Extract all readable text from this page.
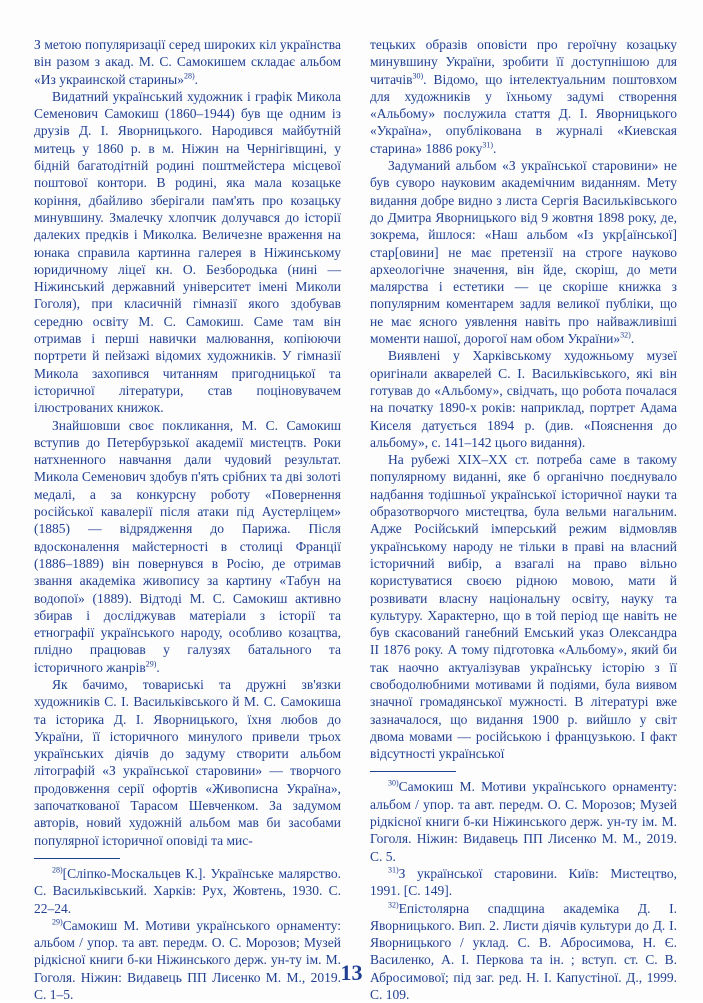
З метою популяризації серед широких кіл українства він разом з акад. М. С. Самокишем складає альбом «Из украинской старины»$^{28)}$.

Видатний український художник і графік Микола Семенович Самокиш (1860–1944) був ще одним із друзів Д. І. Яворницького. Народився майбутній митець у 1860 р. в м. Ніжин на Чернігівщині, у бідній багатодітній родині поштмейстера місцевої поштової контори. В родині, яка мала козацьке коріння, дбайливо зберігали пам'ять про козацьку минувшину. Змалечку хлопчик долучався до історії далеких предків і Миколка. Величезне враження на юнака справила картинна галерея в Ніжинському юридичному ліцеї кн. О. Безбородька (нині — Ніжинський державний університет імені Миколи Гоголя), при класичній гімназії якого здобував середню освіту М. С. Самокиш. Саме там він отримав і перші навички малювання, копіюючи портрети й пейзажі відомих художників. У гімназії Микола захопився читанням пригодницької та історичної літератури, став поціновувачем ілюстрованих книжок.

Знайшовши своє покликання, М. С. Самокиш вступив до Петербурзької академії мистецтв. Роки натхненного навчання дали чудовий результат. Микола Семенович здобув п'ять срібних та дві золоті медалі, а за конкурсну роботу «Повернення російської кавалерії після атаки під Аустерліцем» (1885) — відрядження до Парижа. Після вдосконалення майстерності в столиці Франції (1886–1889) він повернувся в Росію, де отримав звання академіка живопису за картину «Табун на водопої» (1889). Відтоді М. С. Самокиш активно збирав і досліджував матеріали з історії та етнографії українського народу, особливо козацтва, плідно працював у галузях батального та історичного жанрів$^{29)}$.

Як бачимо, товариські та дружні зв'язки художників С. І. Васильківського й М. С. Самокиша та історика Д. І. Яворницького, їхня любов до України, її історичного минулого привели трьох українських діячів до задуму створити альбом літографій «З української старовини» — творчого продовження серії офортів «Живописна Україна», започаткованої Тарасом Шевченком. За задумом авторів, новий художній альбом мав би засобами популярної історичної оповіді та мис-

$^{28)}$[Сліпко-Москальцев К.]. Українське малярство. С. Васильківський. Харків: Рух, Жовтень, 1930. С. 22–24.

$^{29)}$Самокиш М. Мотиви українського орнаменту: альбом / упор. та авт. передм. О. С. Морозов; Музей рідкісної книги б-ки Ніжинського держ. ун-ту ім. М. Гоголя. Ніжин: Видавець ПП Лисенко М. М., 2019. С. 1–5.

тецьких образів оповісти про героїчну козацьку минувшину України, зробити її доступнішою для читачів$^{30)}$. Відомо, що інтелектуальним поштовхом для художників у їхньому задумі створення «Альбому» послужила стаття Д. І. Яворницького «Україна», опублікована в журналі «Киевская старина» 1886 року$^{31)}$.

Задуманий альбом «З української старовини» не був суворо науковим академічним виданням. Мету видання добре видно з листа Сергія Васильківського до Дмитра Яворницького від 9 жовтня 1898 року, де, зокрема, йшлося: «Наш альбом «Із укр[аїнської] стар[овини] не має претензії на строге науково археологічне значення, він йде, скоріш, до мети малярства і естетики — це скоріше книжка з популярним коментарем задля великої публіки, що не має ясного уявлення навіть про найважливіші моменти нашої, дорогої нам обом України»$^{32)}$.

Виявлені у Харківському художньому музеї оригінали акварелей С. І. Васильківського, які він готував до «Альбому», свідчать, що робота почалася на початку 1890-х років: наприклад, портрет Адама Киселя датується 1894 р. (див. «Пояснення до альбому», с. 141–142 цього видання).

На рубежі XIX–XX ст. потреба саме в такому популярному виданні, яке б органічно поєднувало надбання тодішньої української історичної науки та образотворчого мистецтва, була вельми нагальним. Адже Російський імперський режим відмовляв українському народу не тільки в праві на власний історичний вибір, а взагалі на право вільно користуватися своєю рідною мовою, мати й розвивати власну національну освіту, науку та культуру. Характерно, що в той період ще навіть не був скасований ганебний Емський указ Олександра II 1876 року. А тому підготовка «Альбому», який би так наочно актуалізував українську історію з її свободолюбними мотивами й подіями, була виявом значної громадянської мужності. В літературі вже зазначалося, що видання 1900 р. вийшло у світ двома мовами — російською і французькою. І факт відсутності української

$^{30)}$Самокиш М. Мотиви українського орнаменту: альбом / упор. та авт. передм. О. С. Морозов; Музей рідкісної книги б-ки Ніжинського держ. ун-ту ім. М. Гоголя. Ніжин: Видавець ПП Лисенко М. М., 2019. С. 5.

$^{31)}$З української старовини. Київ: Мистецтво, 1991. [С. 149].

$^{32)}$Епістолярна спадщина академіка Д. І. Яворницького. Вип. 2. Листи діячів культури до Д. І. Яворницького / уклад. С. В. Абросимова, Н. Є. Василенко, А. І. Перкова та ін. ; вступ. ст. С. В. Абросимової; під заг. ред. Н. І. Капустіної. Д., 1999. С. 109.

13
